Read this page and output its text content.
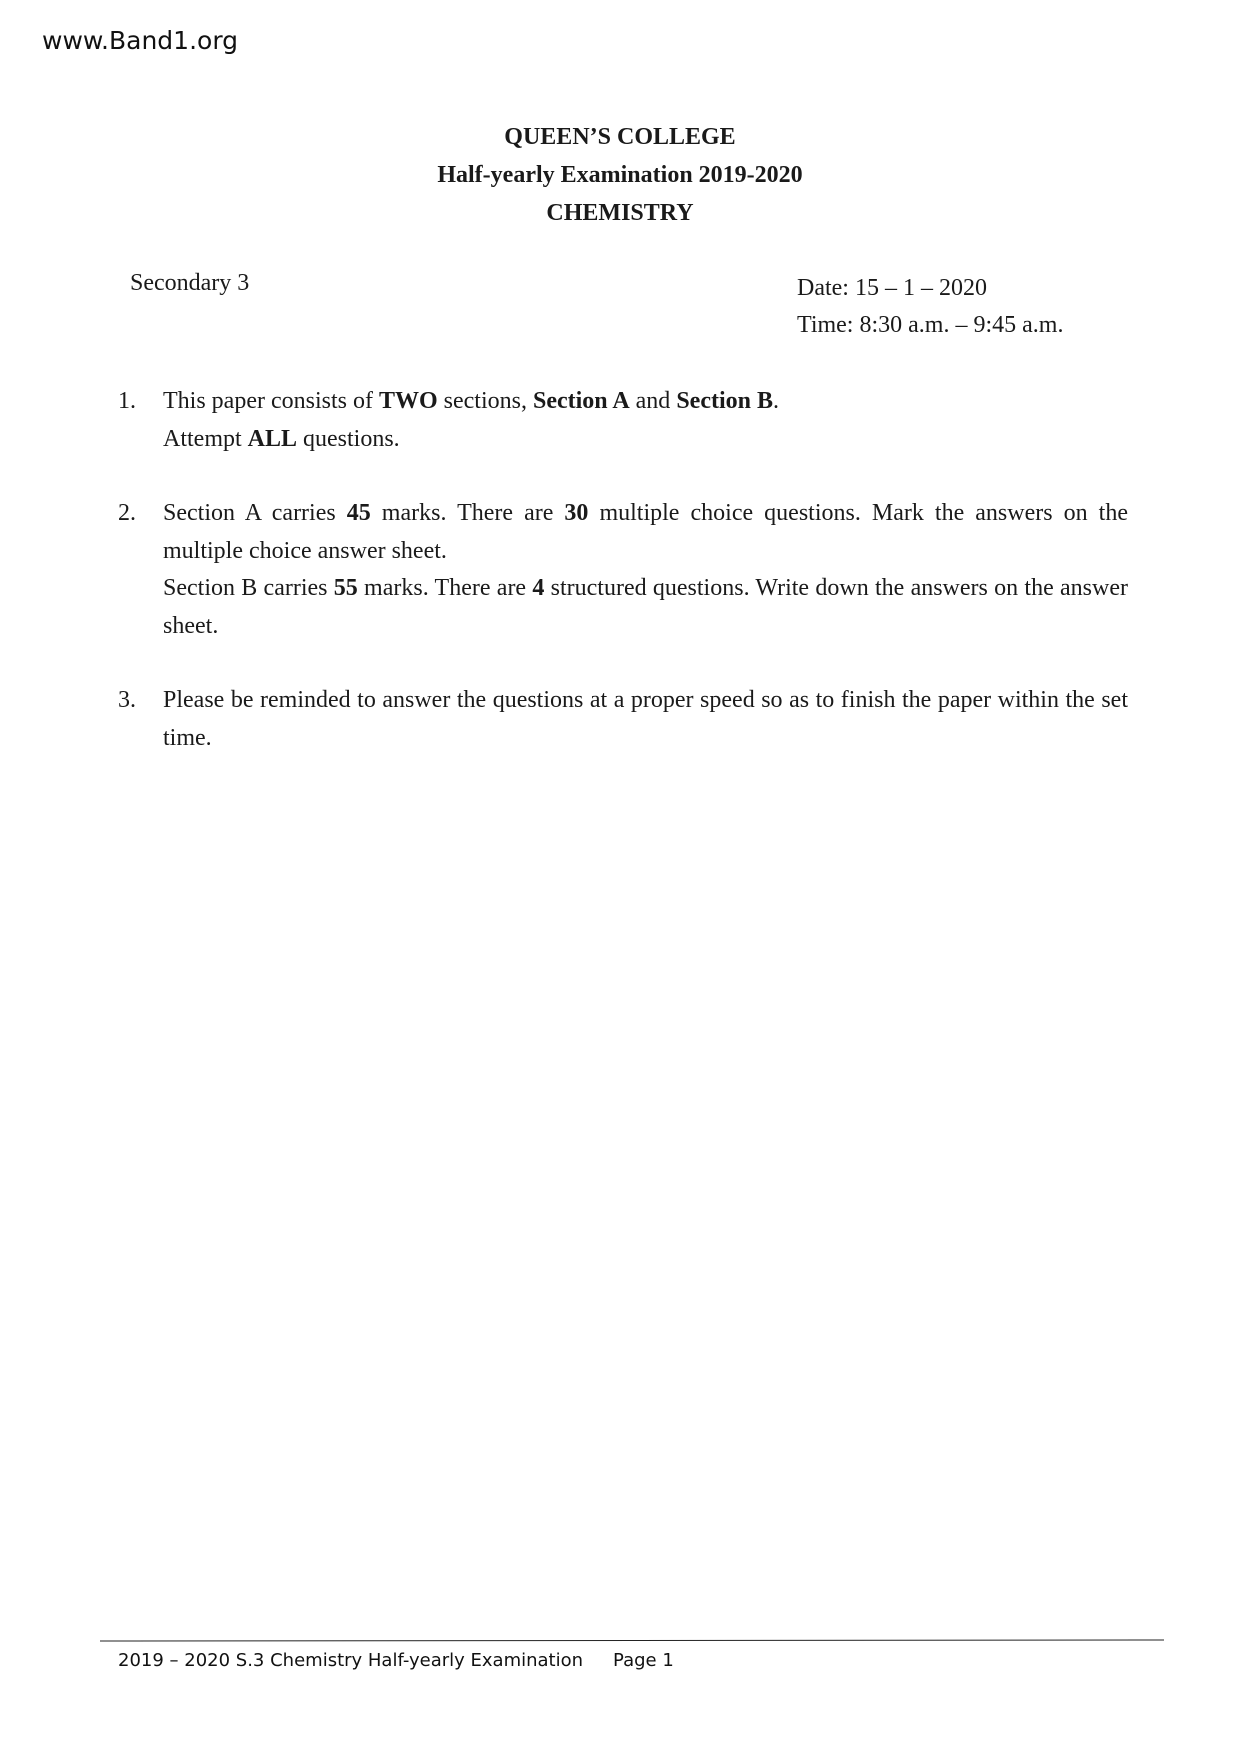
www.Band1.org
QUEEN’S COLLEGE
Half-yearly Examination 2019-2020
CHEMISTRY
Secondary 3	Date: 15 – 1 – 2020
Time: 8:30 a.m. – 9:45 a.m.
1.	This paper consists of TWO sections, Section A and Section B.

Attempt ALL questions.

2.	Section A carries 45 marks. There are 30 multiple choice questions. Mark the answers on the multiple choice answer sheet.

Section B carries 55 marks. There are 4 structured questions. Write down the answers on the answer sheet.

3.	Please be reminded to answer the questions at a proper speed so as to finish the paper within the set time.

2019 – 2020 S.3 Chemistry Half-yearly Examination Page 1
